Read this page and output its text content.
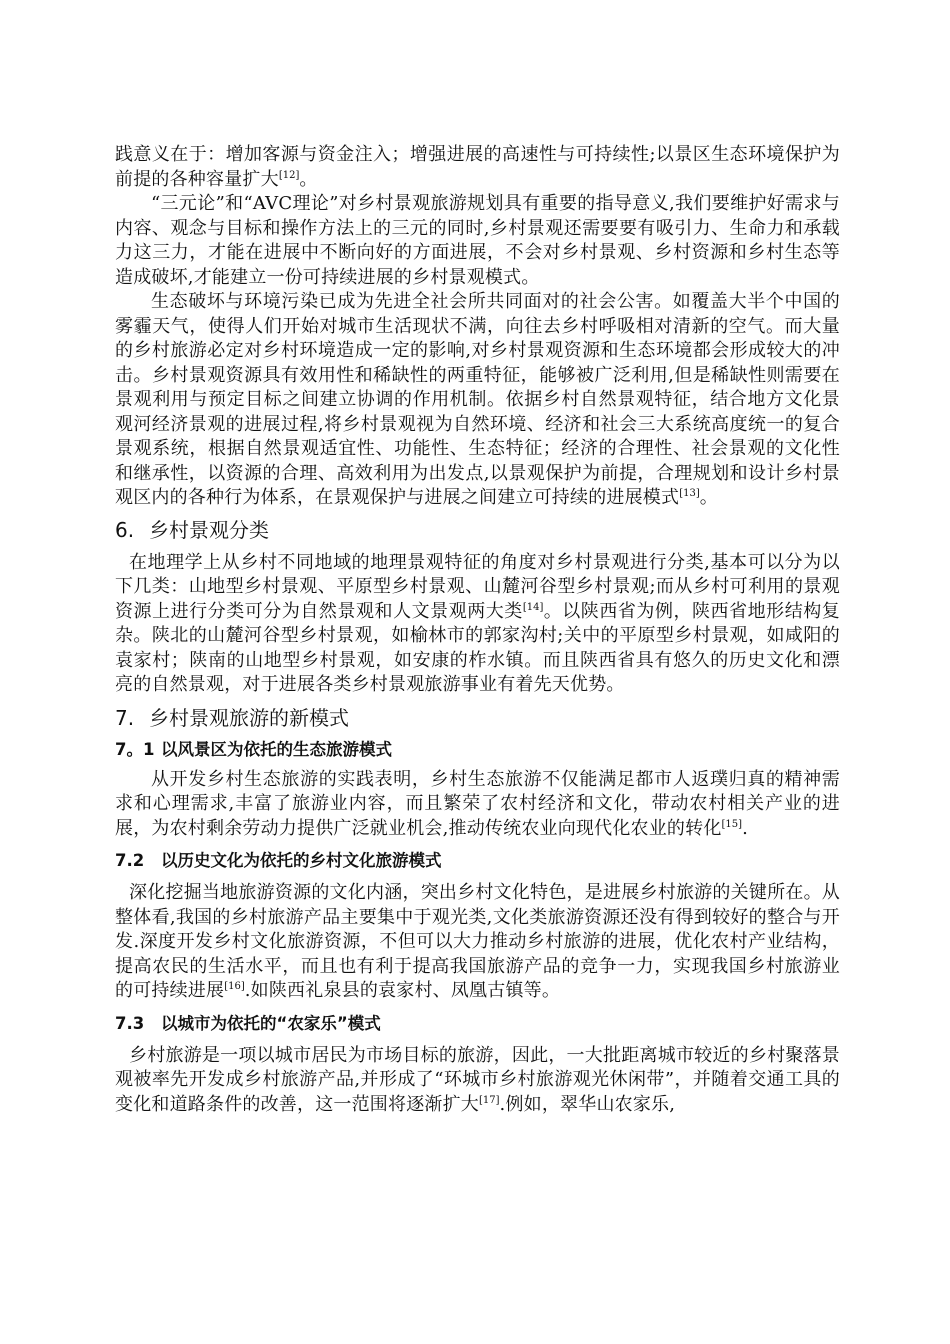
践意义在于：增加客源与资金注入；增强进展的高速性与可持续性;以景区生态环境保护为前提的各种容量扩大[12]。

“三元论”和“AVC理论”对乡村景观旅游规划具有重要的指导意义,我们要维护好需求与内容、观念与目标和操作方法上的三元的同时,乡村景观还需要要有吸引力、生命力和承载力这三力，才能在进展中不断向好的方面进展，不会对乡村景观、乡村资源和乡村生态等造成破坏,才能建立一份可持续进展的乡村景观模式。

生态破坏与环境污染已成为先进全社会所共同面对的社会公害。如覆盖大半个中国的雾霾天气，使得人们开始对城市生活现状不满，向往去乡村呼吸相对清新的空气。而大量的乡村旅游必定对乡村环境造成一定的影响,对乡村景观资源和生态环境都会形成较大的冲击。乡村景观资源具有效用性和稀缺性的两重特征，能够被广泛利用,但是稀缺性则需要在景观利用与预定目标之间建立协调的作用机制。依据乡村自然景观特征，结合地方文化景观河经济景观的进展过程,将乡村景观视为自然环境、经济和社会三大系统高度统一的复合景观系统，根据自然景观适宜性、功能性、生态特征；经济的合理性、社会景观的文化性和继承性，以资源的合理、高效利用为出发点,以景观保护为前提，合理规划和设计乡村景观区内的各种行为体系，在景观保护与进展之间建立可持续的进展模式[13]。

6. 乡村景观分类

在地理学上从乡村不同地域的地理景观特征的角度对乡村景观进行分类,基本可以分为以下几类：山地型乡村景观、平原型乡村景观、山麓河谷型乡村景观;而从乡村可利用的景观资源上进行分类可分为自然景观和人文景观两大类[14]。以陕西省为例，陕西省地形结构复杂。陕北的山麓河谷型乡村景观，如榆林市的郭家沟村;关中的平原型乡村景观，如咸阳的袁家村；陕南的山地型乡村景观，如安康的柞水镇。而且陕西省具有悠久的历史文化和漂亮的自然景观，对于进展各类乡村景观旅游事业有着先天优势。

7. 乡村景观旅游的新模式
7。1 以风景区为依托的生态旅游模式

从开发乡村生态旅游的实践表明，乡村生态旅游不仅能满足都市人返璞归真的精神需求和心理需求,丰富了旅游业内容，而且繁荣了农村经济和文化，带动农村相关产业的进展，为农村剩余劳动力提供广泛就业机会,推动传统农业向现代化农业的转化[15].

7.2 以历史文化为依托的乡村文化旅游模式

深化挖掘当地旅游资源的文化内涵，突出乡村文化特色，是进展乡村旅游的关键所在。从整体看,我国的乡村旅游产品主要集中于观光类,文化类旅游资源还没有得到较好的整合与开发.深度开发乡村文化旅游资源，不但可以大力推动乡村旅游的进展，优化农村产业结构，提高农民的生活水平，而且也有利于提高我国旅游产品的竞争一力，实现我国乡村旅游业的可持续进展[16].如陕西礼泉县的袁家村、凤凰古镇等。

7.3 以城市为依托的“农家乐”模式

乡村旅游是一项以城市居民为市场目标的旅游，因此，一大批距离城市较近的乡村聚落景观被率先开发成乡村旅游产品,并形成了“环城市乡村旅游观光休闲带”，并随着交通工具的变化和道路条件的改善，这一范围将逐渐扩大[17].例如，翠华山农家乐,
